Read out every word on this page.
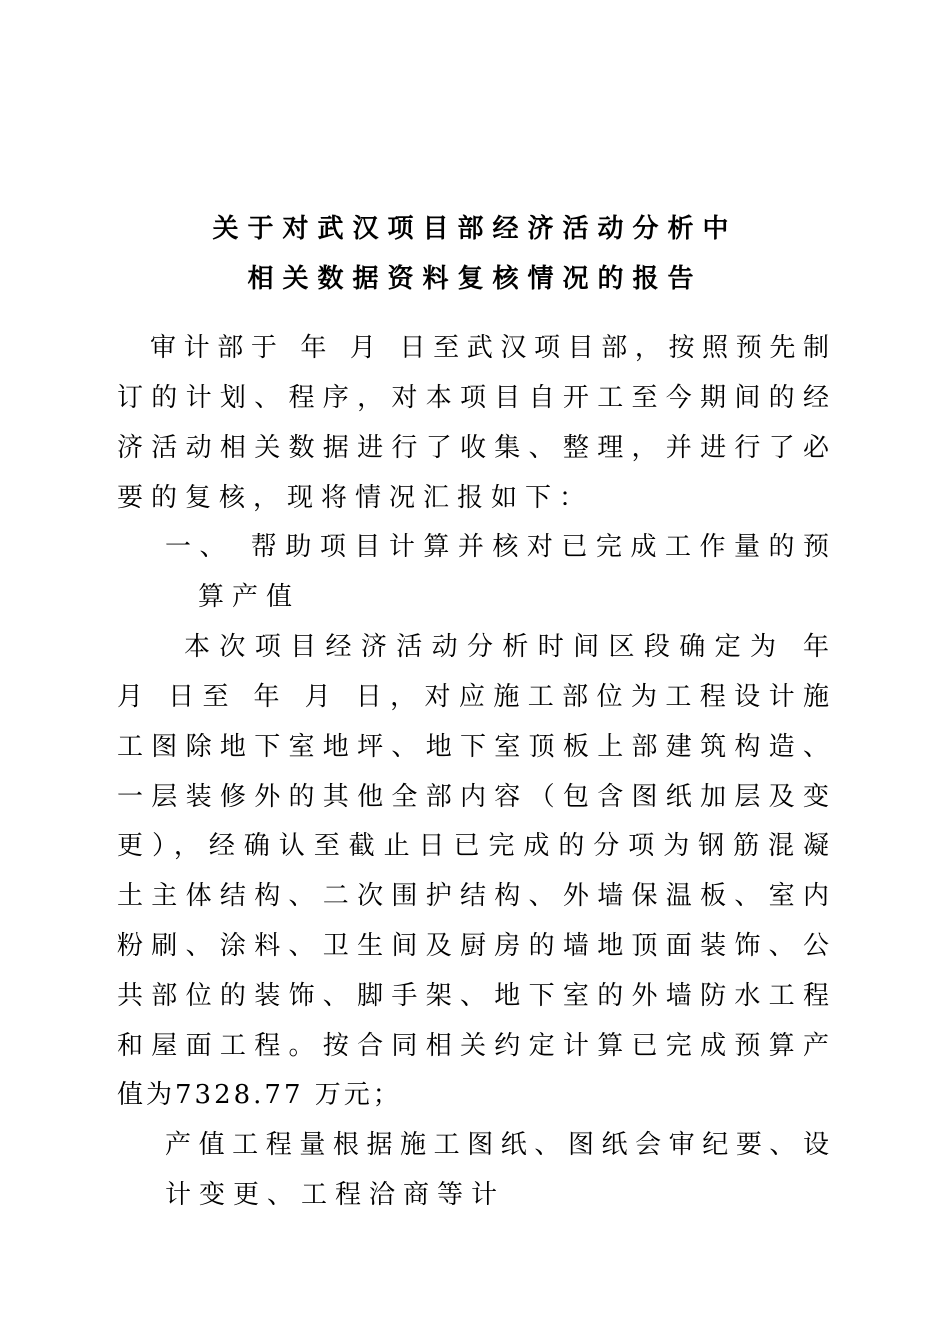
关于对武汉项目部经济活动分析中
相关数据资料复核情况的报告
审计部于 年 月 日至武汉项目部，按照预先制
订的计划、程序，对本项目自开工至今期间的经
济活动相关数据进行了收集、整理，并进行了必
要的复核，现将情况汇报如下：
一、 帮助项目计算并核对已完成工作量的预
算产值
本次项目经济活动分析时间区段确定为 年
月 日至 年 月 日，对应施工部位为工程设计施
工图除地下室地坪、地下室顶板上部建筑构造、
一层装修外的其他全部内容（包含图纸加层及变
更），经确认至截止日已完成的分项为钢筋混凝
土主体结构、二次围护结构、外墙保温板、室内
粉刷、涂料、卫生间及厨房的墙地顶面装饰、公
共部位的装饰、脚手架、地下室的外墙防水工程
和屋面工程。按合同相关约定计算已完成预算产
值为7328.77 万元；
产值工程量根据施工图纸、图纸会审纪要、设
计变更、工程洽商等计
